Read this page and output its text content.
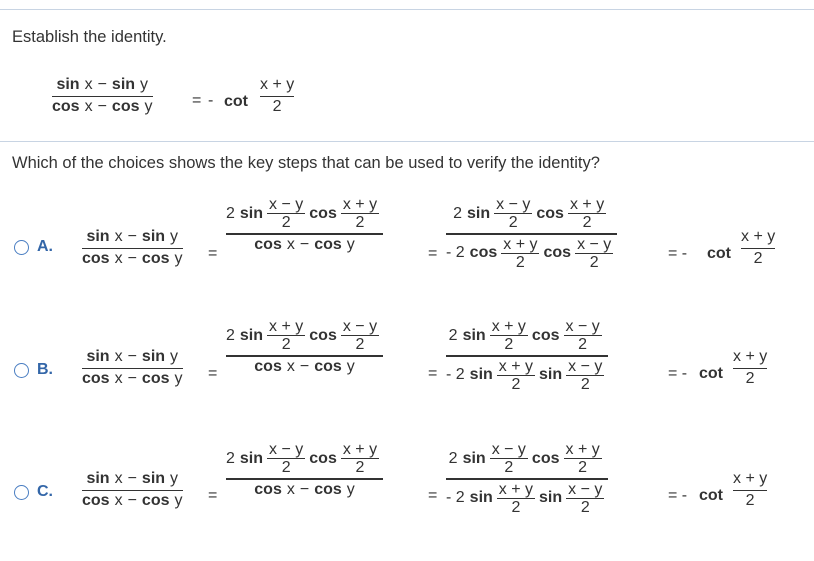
Establish the identity.
sin x − sin y
cos x − cos y = - cot
x + y
2
Which of the choices shows the key steps that can be used to verify the identity?
A.
sin x − sin y
cos x − cos y =
2 sin
x − y
2
cos
x + y
2
cos x − cos y
=
2 sin
x − y
2
cos
x + y
2
- 2 cos
x + y
2
cos
x − y
2
= - cot
x + y
2
B.
sin x − sin y
cos x − cos y =
2 sin
x + y
2
cos
x − y
2
cos x − cos y	=
2 sin
x + y
2
cos
x − y
2
- 2 sin
x + y
2
sin
x − y
2
= - cot
x + y
2
C.
sin x − sin y
cos x − cos y =
2 sin
x − y
2
cos
x + y
2
cos x − cos y	=
2 sin
x − y
2
cos
x + y
2
- 2 sin
x + y
2
sin
x − y
2
= - cot
x + y
2
